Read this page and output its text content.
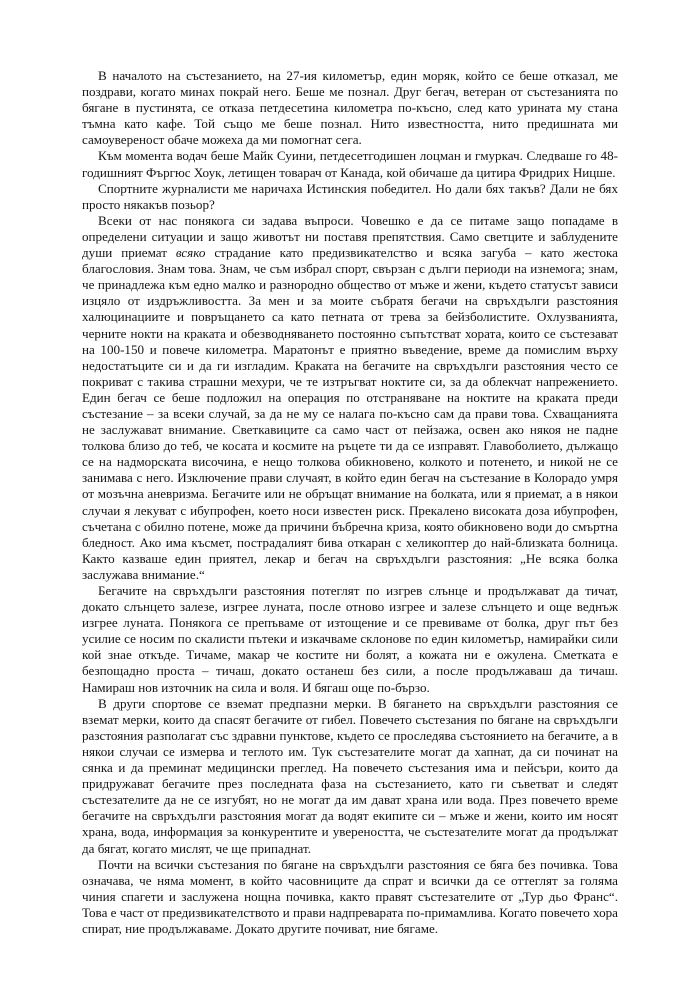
В началото на състезанието, на 27-ия километър, един моряк, който се беше отказал, ме поздрави, когато минах покрай него. Беше ме познал. Друг бегач, ветеран от състезанията по бягане в пустинята, се отказа петдесетина километра по-късно, след като урината му стана тъмна като кафе. Той също ме беше познал. Нито известността, нито предишната ми самоувереност обаче можеха да ми помогнат сега.

Към момента водач беше Майк Суини, петдесетгодишен лоцман и гмуркач. Следваше го 48-годишният Фъргюс Хоук, летищен товарач от Канада, кой обичаше да цитира Фридрих Ницше.

Спортните журналисти ме наричаха Истинския победител. Но дали бях такъв? Дали не бях просто някакъв позьор?

Всеки от нас понякога си задава въпроси. Човешко е да се питаме защо попадаме в определени ситуации и защо животът ни поставя препятствия. Само светците и заблудените души приемат всяко страдание като предизвикателство и всяка загуба – като жестока благословия. Знам това. Знам, че съм избрал спорт, свързан с дълги периоди на изнемога; знам, че принадлежа към едно малко и разнородно общество от мъже и жени, където статусът зависи изцяло от издръжливостта. За мен и за моите събратя бегачи на свръхдълги разстояния халюцинациите и повръщането са като петната от трева за бейзболистите. Охлузванията, черните нокти на краката и обезводняването постоянно съпътстват хората, които се състезават на 100-150 и повече километра. Маратонът е приятно въведение, време да помислим върху недостатъците си и да ги изгладим. Краката на бегачите на свръхдълги разстояния често се покриват с такива страшни мехури, че те изтръгват ноктите си, за да облекчат напрежението. Един бегач се беше подложил на операция по отстраняване на ноктите на краката преди състезание – за всеки случай, за да не му се налага по-късно сам да прави това. Схващанията не заслужават внимание. Светкавиците са само част от пейзажа, освен ако някоя не падне толкова близо до теб, че косата и космите на ръцете ти да се изправят. Главоболието, дължащо се на надморската височина, е нещо толкова обикновено, колкото и потенето, и никой не се занимава с него. Изключение прави случаят, в който един бегач на състезание в Колорадо умря от мозъчна аневризма. Бегачите или не обръщат внимание на болката, или я приемат, а в някои случаи я лекуват с ибупрофен, което носи известен риск. Прекалено високата доза ибупрофен, съчетана с обилно потене, може да причини бъбречна криза, която обикновено води до смъртна бледност. Ако има късмет, пострадалият бива откаран с хеликоптер до най-близката болница. Както казваше един приятел, лекар и бегач на свръхдълги разстояния: „Не всяка болка заслужава внимание.“

Бегачите на свръхдълги разстояния потеглят по изгрев слънце и продължават да тичат, докато слънцето залезе, изгрее луната, после отново изгрее и залезе слънцето и още веднъж изгрее луната. Понякога се препъваме от изтощение и се превиваме от болка, друг път без усилие се носим по скалисти пътеки и изкачваме склонове по един километър, намирайки сили кой знае откъде. Тичаме, макар че костите ни болят, а кожата ни е ожулена. Сметката е безпощадно проста – тичаш, докато останеш без сили, а после продължаваш да тичаш. Намираш нов източник на сила и воля. И бягаш още по-бързо.

В други спортове се вземат предпазни мерки. В бягането на свръхдълги разстояния се вземат мерки, които да спасят бегачите от гибел. Повечето състезания по бягане на свръхдълги разстояния разполагат със здравни пунктове, където се проследява състоянието на бегачите, а в някои случаи се измерва и теглото им. Тук състезателите могат да хапнат, да си починат на сянка и да преминат медицински преглед. На повечето състезания има и пейсъри, които да придружават бегачите през последната фаза на състезанието, като ги съветват и следят състезателите да не се изгубят, но не могат да им дават храна или вода. През повечето време бегачите на свръхдълги разстояния могат да водят екипите си – мъже и жени, които им носят храна, вода, информация за конкурентите и увереността, че състезателите могат да продължат да бягат, когато мислят, че ще припаднат.

Почти на всички състезания по бягане на свръхдълги разстояния се бяга без почивка. Това означава, че няма момент, в който часовниците да спрат и всички да се оттеглят за голяма чиния спагети и заслужена нощна почивка, както правят състезателите от „Тур дьо Франс“. Това е част от предизвикателството и прави надпреварата по-примамлива. Когато повечето хора спират, ние продължаваме. Докато другите почиват, ние бягаме.
